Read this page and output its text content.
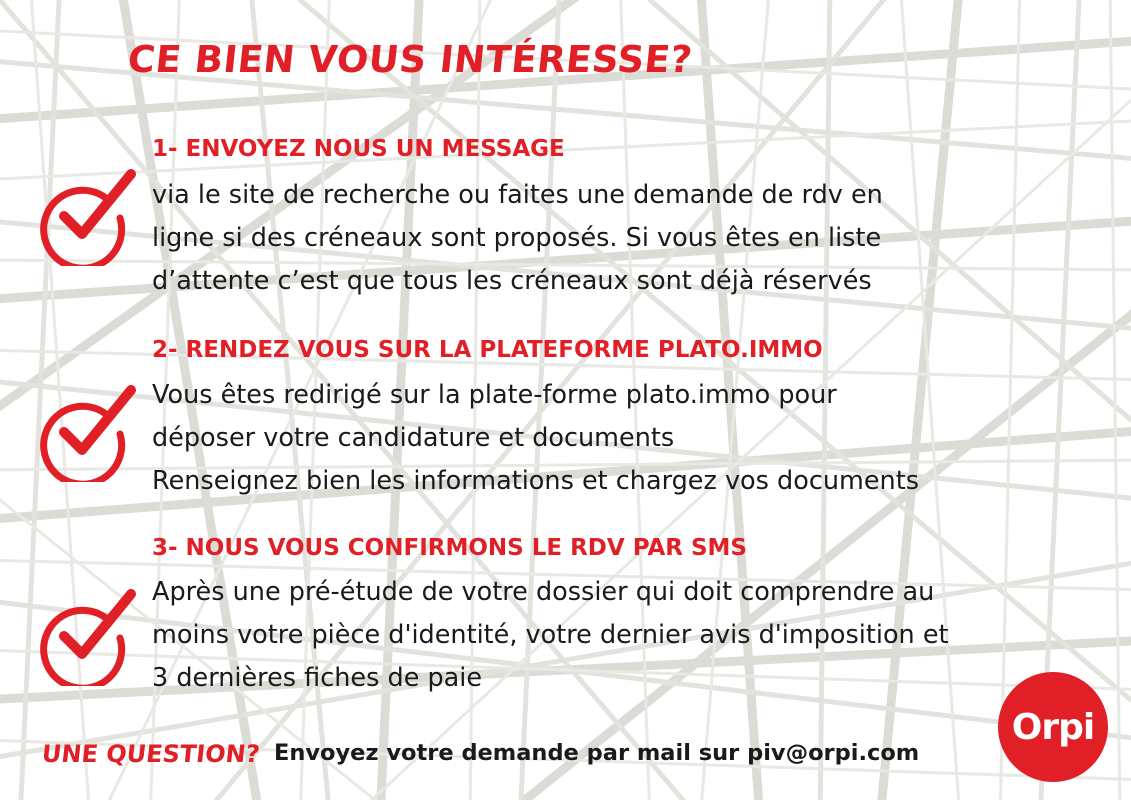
CE BIEN VOUS INTÉRESSE?
1- ENVOYEZ NOUS UN MESSAGE
via le site de recherche ou faites une demande de rdv en
ligne si des créneaux sont proposés. Si vous êtes en liste
d’attente c’est que tous les créneaux sont déjà réservés
2- RENDEZ VOUS SUR LA PLATEFORME PLATO.IMMO
Vous êtes redirigé sur la plate-forme plato.immo pour
déposer votre candidature et documents
Renseignez bien les informations et chargez vos documents
3- NOUS VOUS CONFIRMONS LE RDV PAR SMS
Après une pré-étude de votre dossier qui doit comprendre au
moins votre pièce d'identité, votre dernier avis d'imposition et
3 dernières fiches de paie
UNE QUESTION? Envoyez votre demande par mail sur piv@orpi.com
Orpi
